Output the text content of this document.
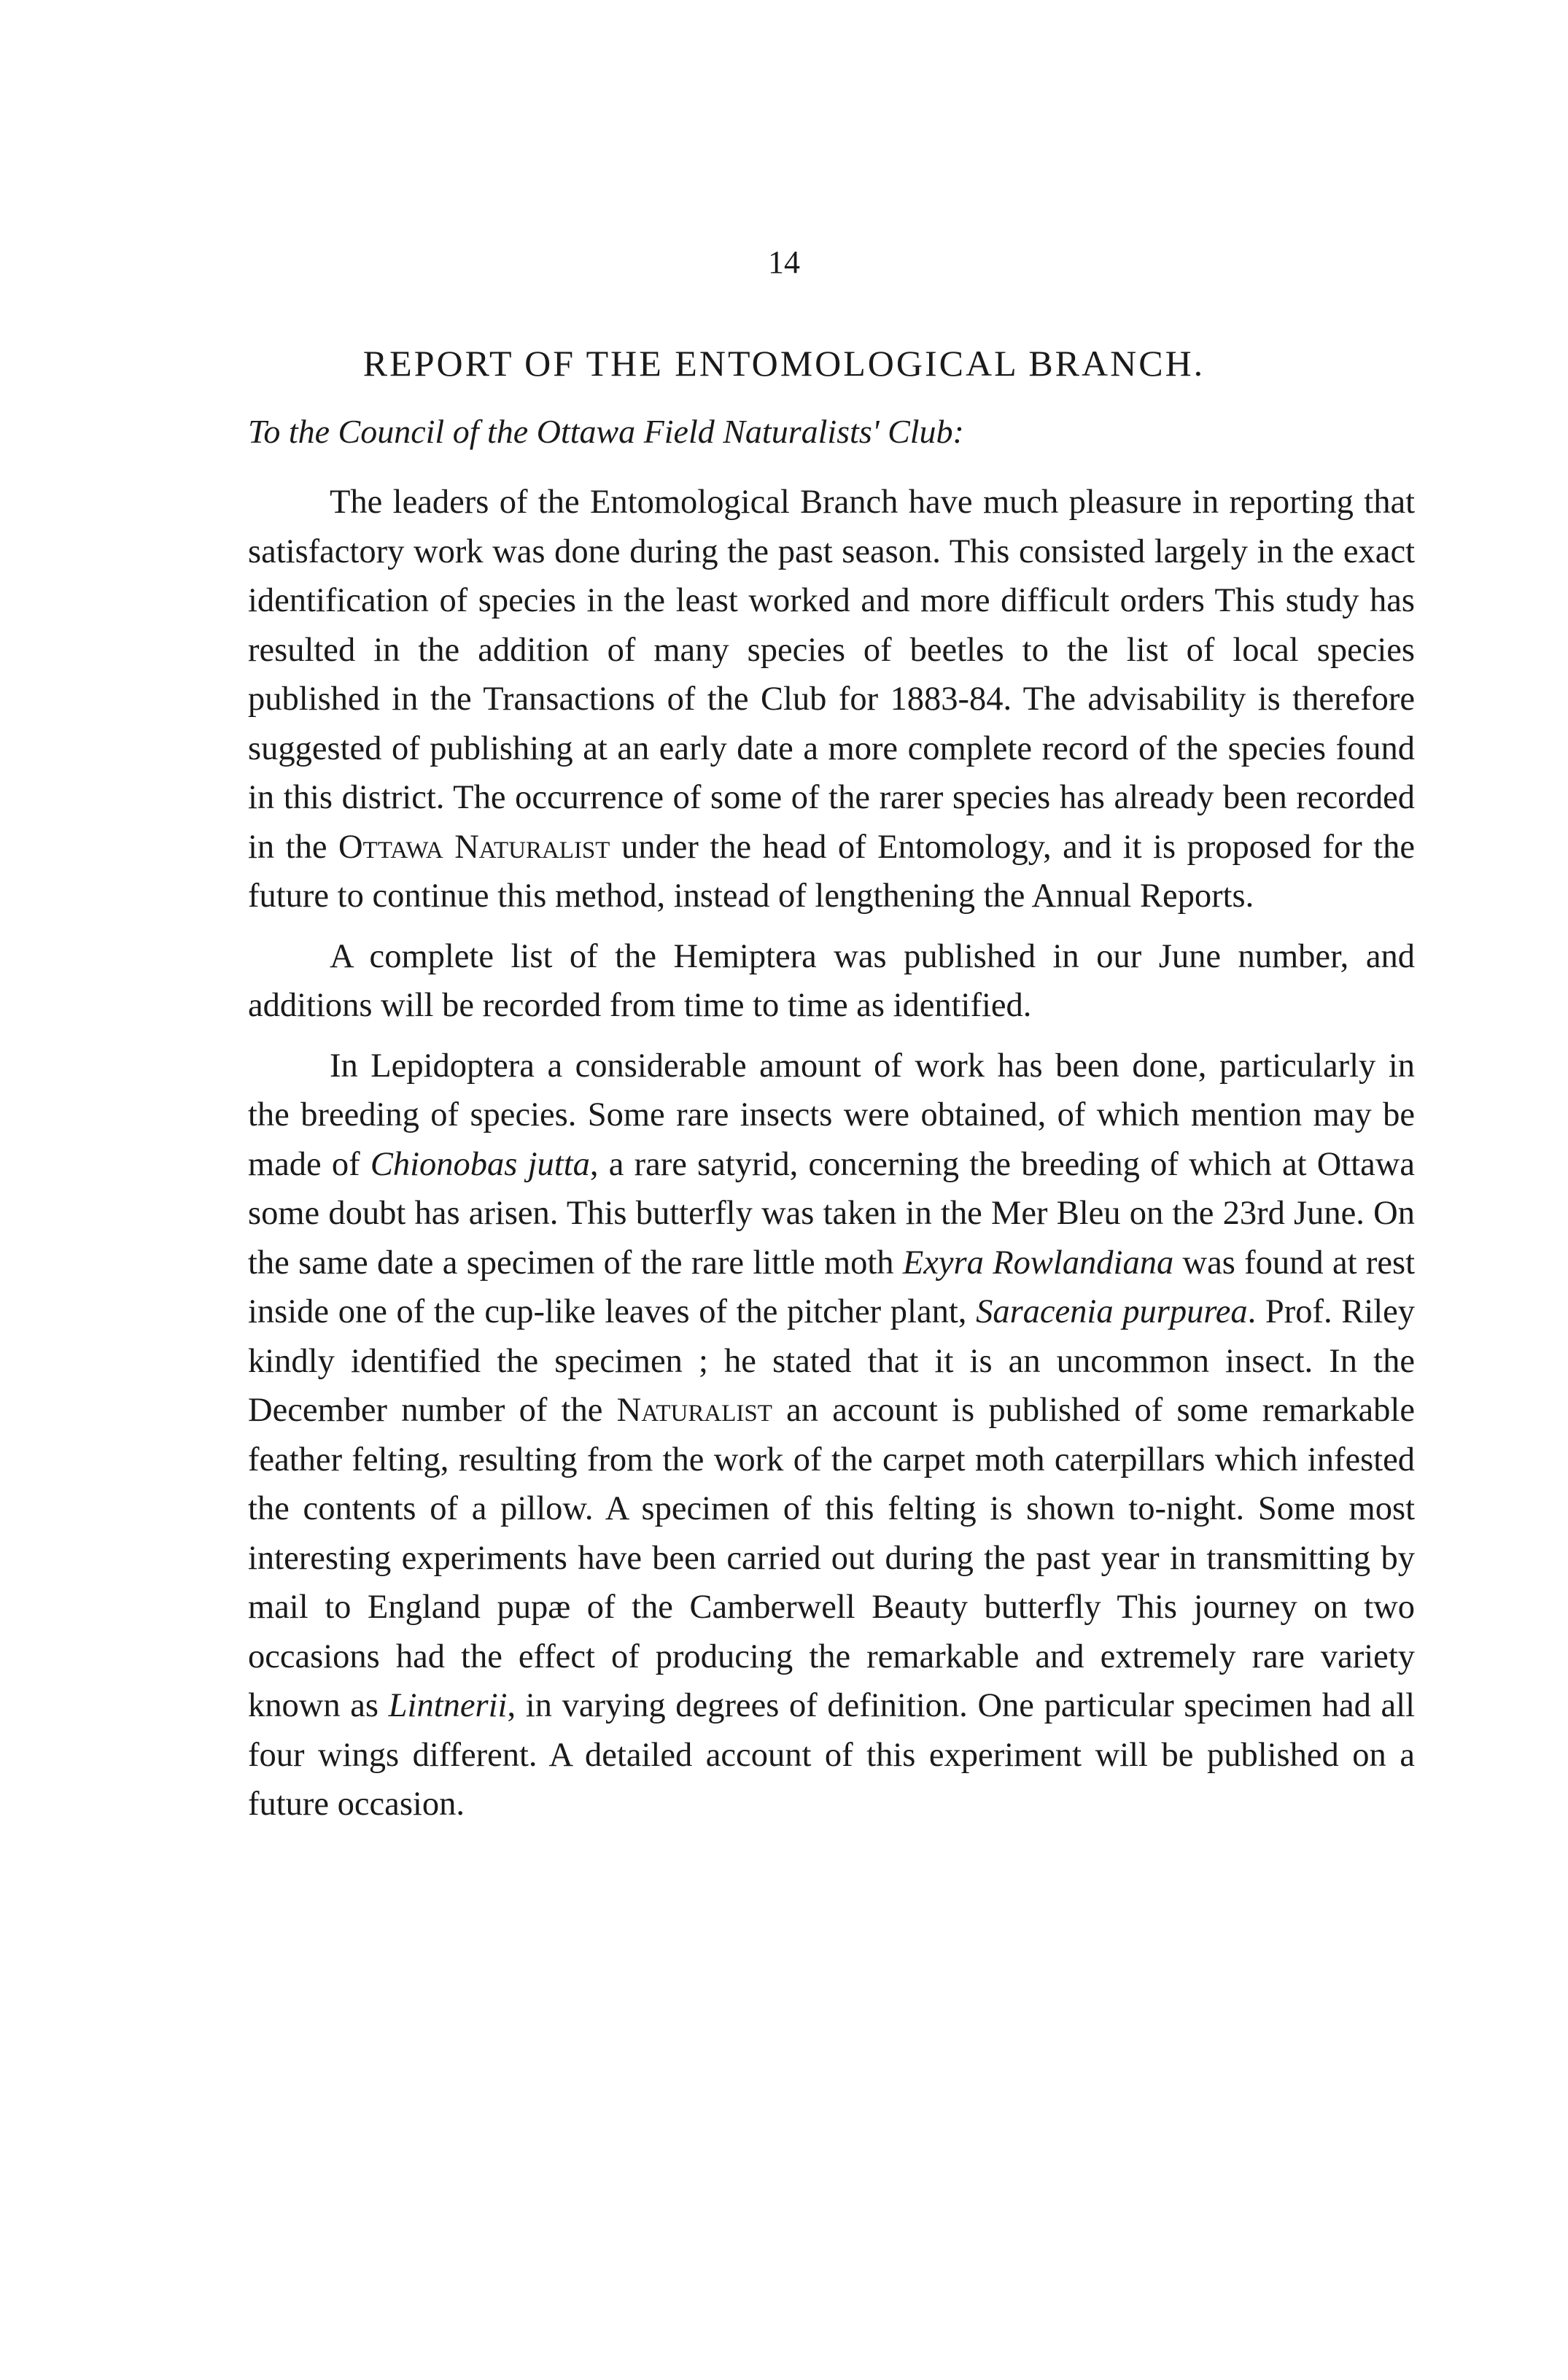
14
REPORT OF THE ENTOMOLOGICAL BRANCH.
To the Council of the Ottawa Field Naturalists' Club:

The leaders of the Entomological Branch have much pleasure in reporting that satisfactory work was done during the past season. This consisted largely in the exact identification of species in the least worked and more difficult orders This study has resulted in the addition of many species of beetles to the list of local species published in the Transactions of the Club for 1883-84. The advisability is therefore suggested of publishing at an early date a more complete record of the species found in this district. The occurrence of some of the rarer species has already been recorded in the Ottawa Naturalist under the head of Entomology, and it is proposed for the future to continue this method, instead of lengthening the Annual Reports.

A complete list of the Hemiptera was published in our June number, and additions will be recorded from time to time as identified.

In Lepidoptera a considerable amount of work has been done, particularly in the breeding of species. Some rare insects were obtained, of which mention may be made of Chionobas jutta, a rare satyrid, concerning the breeding of which at Ottawa some doubt has arisen. This butterfly was taken in the Mer Bleu on the 23rd June. On the same date a specimen of the rare little moth Exyra Rowlandiana was found at rest inside one of the cup-like leaves of the pitcher plant, Saracenia purpurea. Prof. Riley kindly identified the specimen ; he stated that it is an uncommon insect. In the December number of the Naturalist an account is published of some remarkable feather felting, resulting from the work of the carpet moth caterpillars which infested the contents of a pillow. A specimen of this felting is shown to-night. Some most interesting experiments have been carried out during the past year in transmitting by mail to England pupæ of the Camberwell Beauty butterfly This journey on two occasions had the effect of producing the remarkable and extremely rare variety known as Lintnerii, in varying degrees of definition. One particular specimen had all four wings different. A detailed account of this experiment will be published on a future occasion.
